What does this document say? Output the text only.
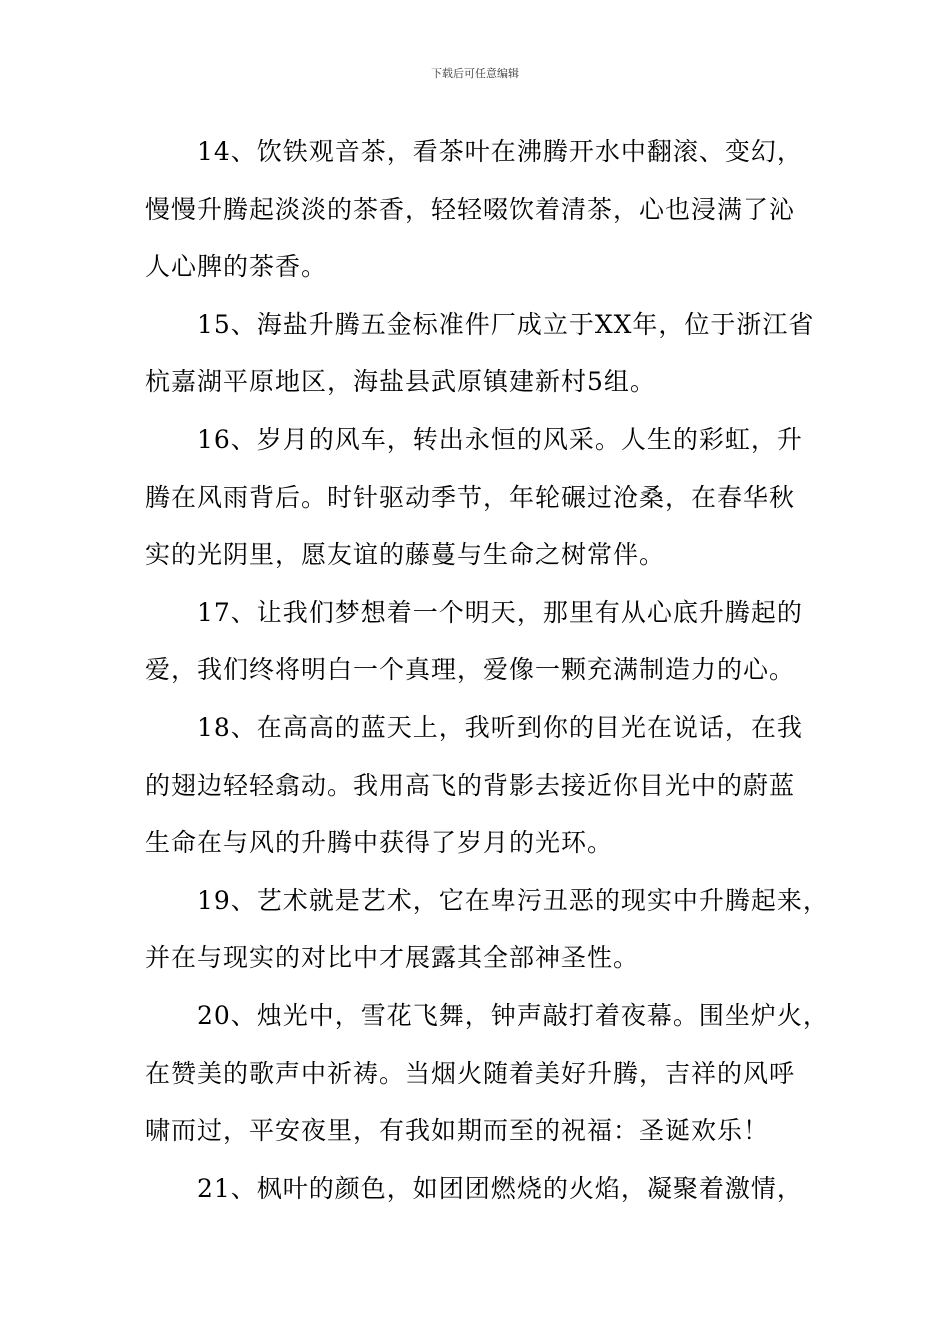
下载后可任意编辑
14、饮铁观音茶，看茶叶在沸腾开水中翻滚、变幻，
慢慢升腾起淡淡的茶香，轻轻啜饮着清茶，心也浸满了沁
人心脾的茶香。
15、海盐升腾五金标准件厂成立于XX年，位于浙江省
杭嘉湖平原地区，海盐县武原镇建新村5组。
16、岁月的风车，转出永恒的风采。人生的彩虹，升
腾在风雨背后。时针驱动季节，年轮碾过沧桑，在春华秋
实的光阴里，愿友谊的藤蔓与生命之树常伴。
17、让我们梦想着一个明天，那里有从心底升腾起的
爱，我们终将明白一个真理，爱像一颗充满制造力的心。
18、在高高的蓝天上，我听到你的目光在说话，在我
的翅边轻轻翕动。我用高飞的背影去接近你目光中的蔚蓝
生命在与风的升腾中获得了岁月的光环。
19、艺术就是艺术，它在卑污丑恶的现实中升腾起来，
并在与现实的对比中才展露其全部神圣性。
20、烛光中，雪花飞舞，钟声敲打着夜幕。围坐炉火，
在赞美的歌声中祈祷。当烟火随着美好升腾，吉祥的风呼
啸而过，平安夜里，有我如期而至的祝福：圣诞欢乐！
21、枫叶的颜色，如团团燃烧的火焰，凝聚着激情，
